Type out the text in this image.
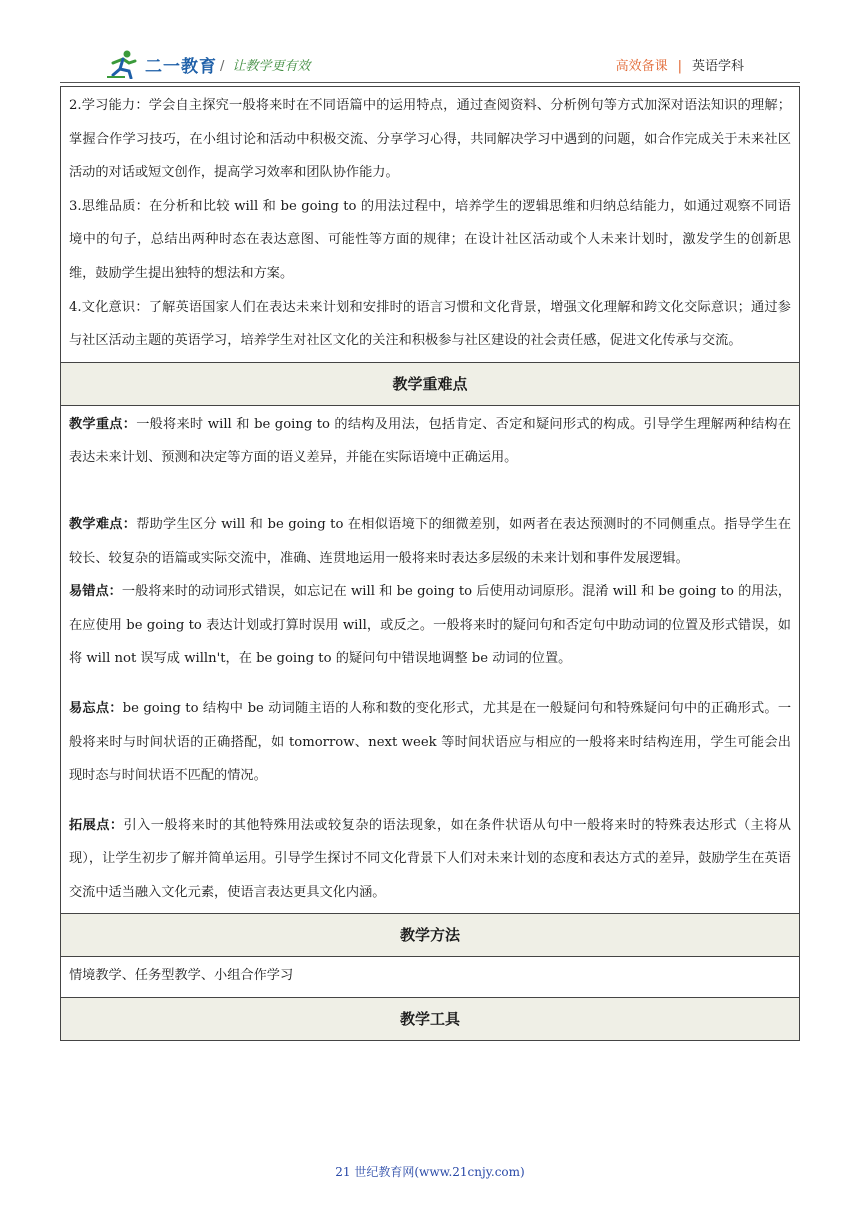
二一教育 / 让教学更有效	高效备课 | 英语学科

2.学习能力：学会自主探究一般将来时在不同语篇中的运用特点，通过查阅资料、分析例句等方式加深对语法知识的理解；掌握合作学习技巧，在小组讨论和活动中积极交流、分享学习心得，共同解决学习中遇到的问题，如合作完成关于未来社区活动的对话或短文创作，提高学习效率和团队协作能力。

3.思维品质：在分析和比较 will 和 be going to 的用法过程中，培养学生的逻辑思维和归纳总结能力，如通过观察不同语境中的句子，总结出两种时态在表达意图、可能性等方面的规律；在设计社区活动或个人未来计划时，激发学生的创新思维，鼓励学生提出独特的想法和方案。

4.文化意识：了解英语国家人们在表达未来计划和安排时的语言习惯和文化背景，增强文化理解和跨文化交际意识；通过参与社区活动主题的英语学习，培养学生对社区文化的关注和积极参与社区建设的社会责任感，促进文化传承与交流。

教学重难点

教学重点：一般将来时 will 和 be going to 的结构及用法，包括肯定、否定和疑问形式的构成。引导学生理解两种结构在表达未来计划、预测和决定等方面的语义差异，并能在实际语境中正确运用。

教学难点：帮助学生区分 will 和 be going to 在相似语境下的细微差别，如两者在表达预测时的不同侧重点。指导学生在较长、较复杂的语篇或实际交流中，准确、连贯地运用一般将来时表达多层级的未来计划和事件发展逻辑。

易错点：一般将来时的动词形式错误，如忘记在 will 和 be going to 后使用动词原形。混淆 will 和 be going to 的用法，在应使用 be going to 表达计划或打算时误用 will，或反之。一般将来时的疑问句和否定句中助动词的位置及形式错误，如将 will not 误写成 willn't，在 be going to 的疑问句中错误地调整 be 动词的位置。

易忘点：be going to 结构中 be 动词随主语的人称和数的变化形式，尤其是在一般疑问句和特殊疑问句中的正确形式。一般将来时与时间状语的正确搭配，如 tomorrow、next week 等时间状语应与相应的一般将来时结构连用，学生可能会出现时态与时间状语不匹配的情况。

拓展点：引入一般将来时的其他特殊用法或较复杂的语法现象，如在条件状语从句中一般将来时的特殊表达形式（主将从现），让学生初步了解并简单运用。引导学生探讨不同文化背景下人们对未来计划的态度和表达方式的差异，鼓励学生在英语交流中适当融入文化元素，使语言表达更具文化内涵。

教学方法

情境教学、任务型教学、小组合作学习

教学工具
21 世纪教育网(www.21cnjy.com)
